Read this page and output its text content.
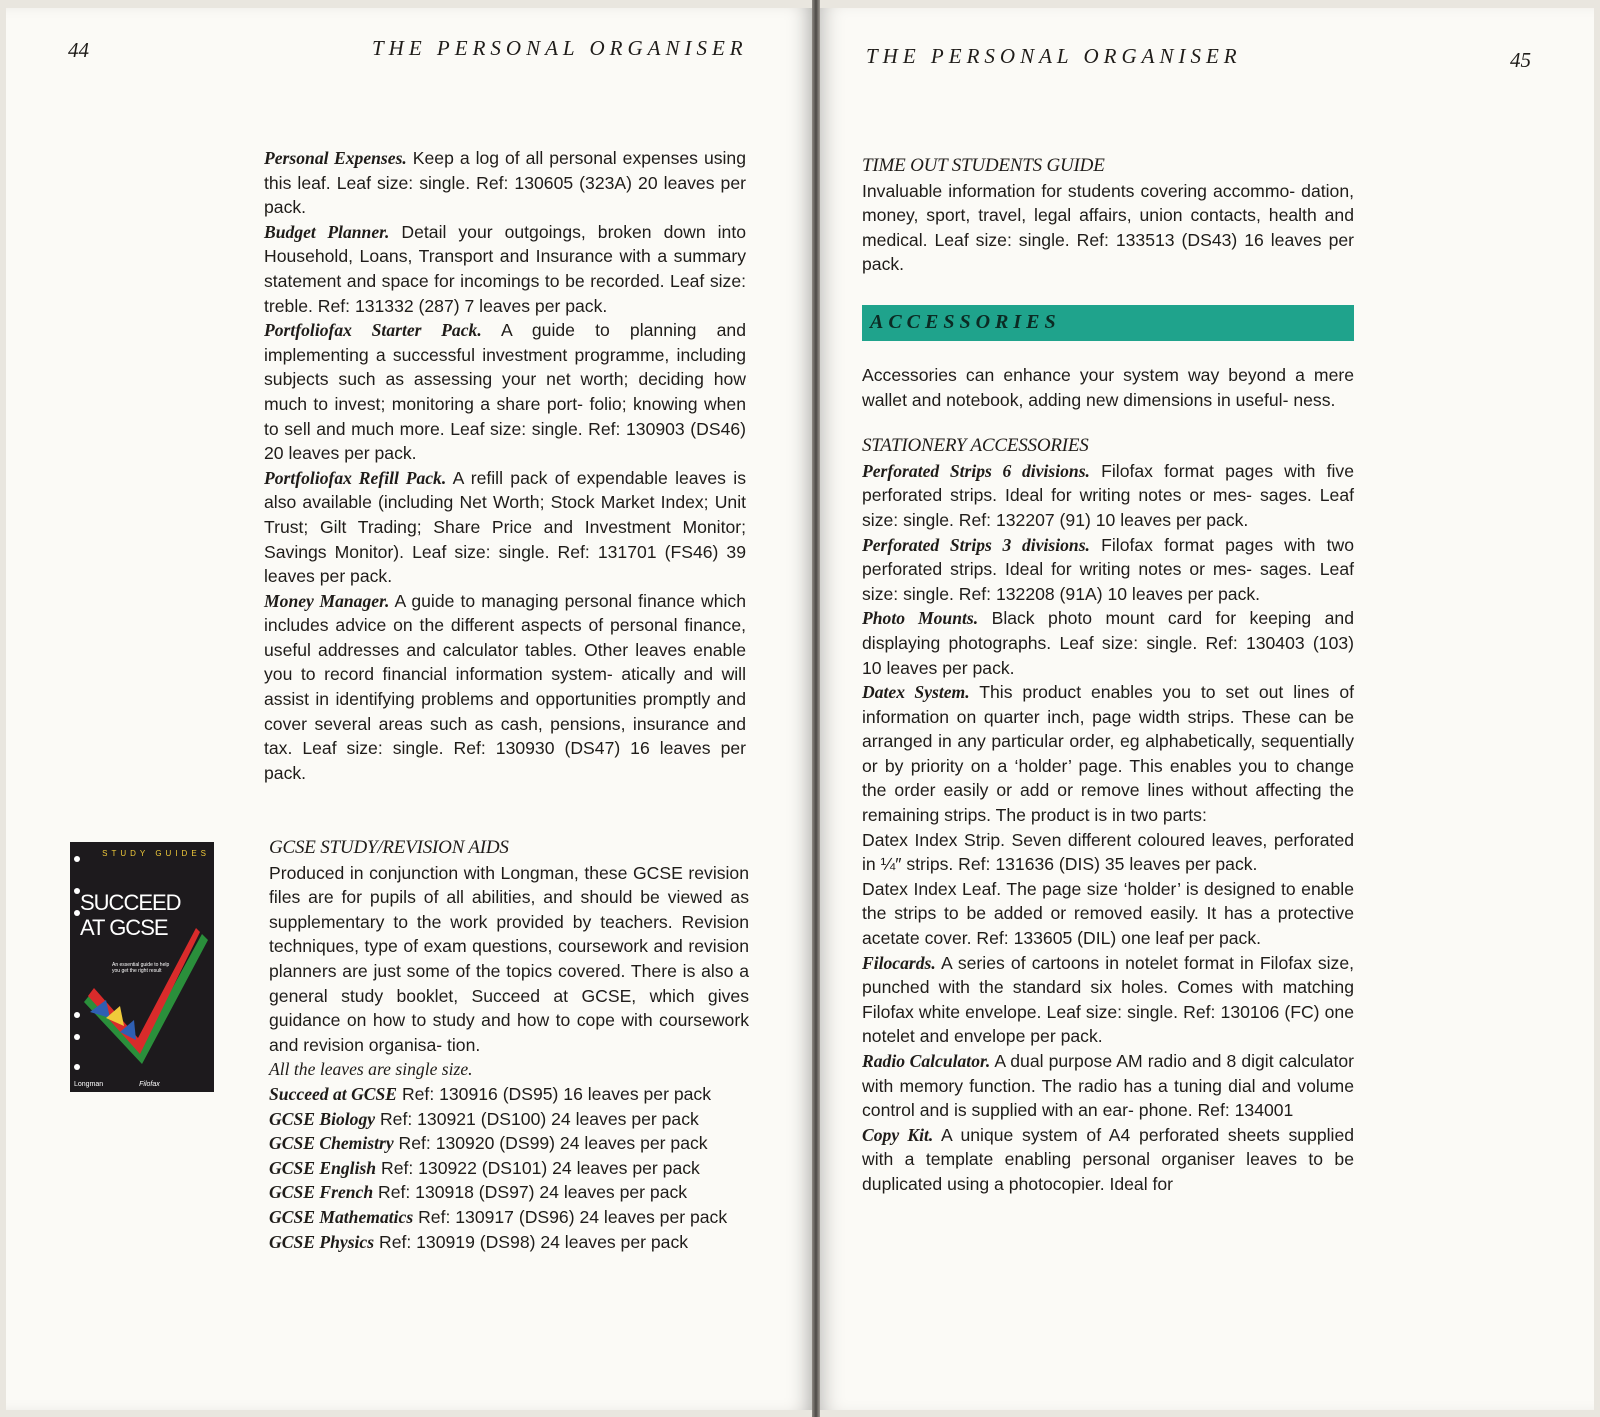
44	THE PERSONAL ORGANISER

Personal Expenses. Keep a log of all personal expenses using this leaf. Leaf size: single. Ref: 130605 (323A) 20 leaves per pack.

Budget Planner. Detail your outgoings, broken down into Household, Loans, Transport and Insurance with a summary statement and space for incomings to be recorded. Leaf size: treble. Ref: 131332 (287) 7 leaves per pack.

Portfoliofax Starter Pack. A guide to planning and implementing a successful investment programme, including subjects such as assessing your net worth; deciding how much to invest; monitoring a share port- folio; knowing when to sell and much more. Leaf size: single. Ref: 130903 (DS46) 20 leaves per pack.

Portfoliofax Refill Pack. A refill pack of expendable leaves is also available (including Net Worth; Stock Market Index; Unit Trust; Gilt Trading; Share Price and Investment Monitor; Savings Monitor). Leaf size: single. Ref: 131701 (FS46) 39 leaves per pack.

Money Manager. A guide to managing personal finance which includes advice on the different aspects of personal finance, useful addresses and calculator tables. Other leaves enable you to record financial information system- atically and will assist in identifying problems and opportunities promptly and cover several areas such as cash, pensions, insurance and tax. Leaf size: single. Ref: 130930 (DS47) 16 leaves per pack.

STUDY GUIDES
SUCCEED
AT GCSE
An essential guide to help you get the right result
Longman	Filofax
GCSE STUDY/REVISION AIDS

Produced in conjunction with Longman, these GCSE revision files are for pupils of all abilities, and should be viewed as supplementary to the work provided by teachers. Revision techniques, type of exam questions, coursework and revision planners are just some of the topics covered. There is also a general study booklet, Succeed at GCSE, which gives guidance on how to study and how to cope with coursework and revision organisa- tion.

All the leaves are single size.

Succeed at GCSE Ref: 130916 (DS95) 16 leaves per pack

GCSE Biology Ref: 130921 (DS100) 24 leaves per pack

GCSE Chemistry Ref: 130920 (DS99) 24 leaves per pack

GCSE English Ref: 130922 (DS101) 24 leaves per pack

GCSE French Ref: 130918 (DS97) 24 leaves per pack

GCSE Mathematics Ref: 130917 (DS96) 24 leaves per pack

GCSE Physics Ref: 130919 (DS98) 24 leaves per pack

THE PERSONAL ORGANISER	45
TIME OUT STUDENTS GUIDE

Invaluable information for students covering accommo- dation, money, sport, travel, legal affairs, union contacts, health and medical. Leaf size: single. Ref: 133513 (DS43) 16 leaves per pack.

ACCESSORIES

Accessories can enhance your system way beyond a mere wallet and notebook, adding new dimensions in useful- ness.

STATIONERY ACCESSORIES

Perforated Strips 6 divisions. Filofax format pages with five perforated strips. Ideal for writing notes or mes- sages. Leaf size: single. Ref: 132207 (91) 10 leaves per pack.

Perforated Strips 3 divisions. Filofax format pages with two perforated strips. Ideal for writing notes or mes- sages. Leaf size: single. Ref: 132208 (91A) 10 leaves per pack.

Photo Mounts. Black photo mount card for keeping and displaying photographs. Leaf size: single. Ref: 130403 (103) 10 leaves per pack.

Datex System. This product enables you to set out lines of information on quarter inch, page width strips. These can be arranged in any particular order, eg alphabetically, sequentially or by priority on a ‘holder’ page. This enables you to change the order easily or add or remove lines without affecting the remaining strips. The product is in two parts:

Datex Index Strip. Seven different coloured leaves, perforated in ¼″ strips. Ref: 131636 (DIS) 35 leaves per pack.

Datex Index Leaf. The page size ‘holder’ is designed to enable the strips to be added or removed easily. It has a protective acetate cover. Ref: 133605 (DIL) one leaf per pack.

Filocards. A series of cartoons in notelet format in Filofax size, punched with the standard six holes. Comes with matching Filofax white envelope. Leaf size: single. Ref: 130106 (FC) one notelet and envelope per pack.

Radio Calculator. A dual purpose AM radio and 8 digit calculator with memory function. The radio has a tuning dial and volume control and is supplied with an ear- phone. Ref: 134001

Copy Kit. A unique system of A4 perforated sheets supplied with a template enabling personal organiser leaves to be duplicated using a photocopier. Ideal for
